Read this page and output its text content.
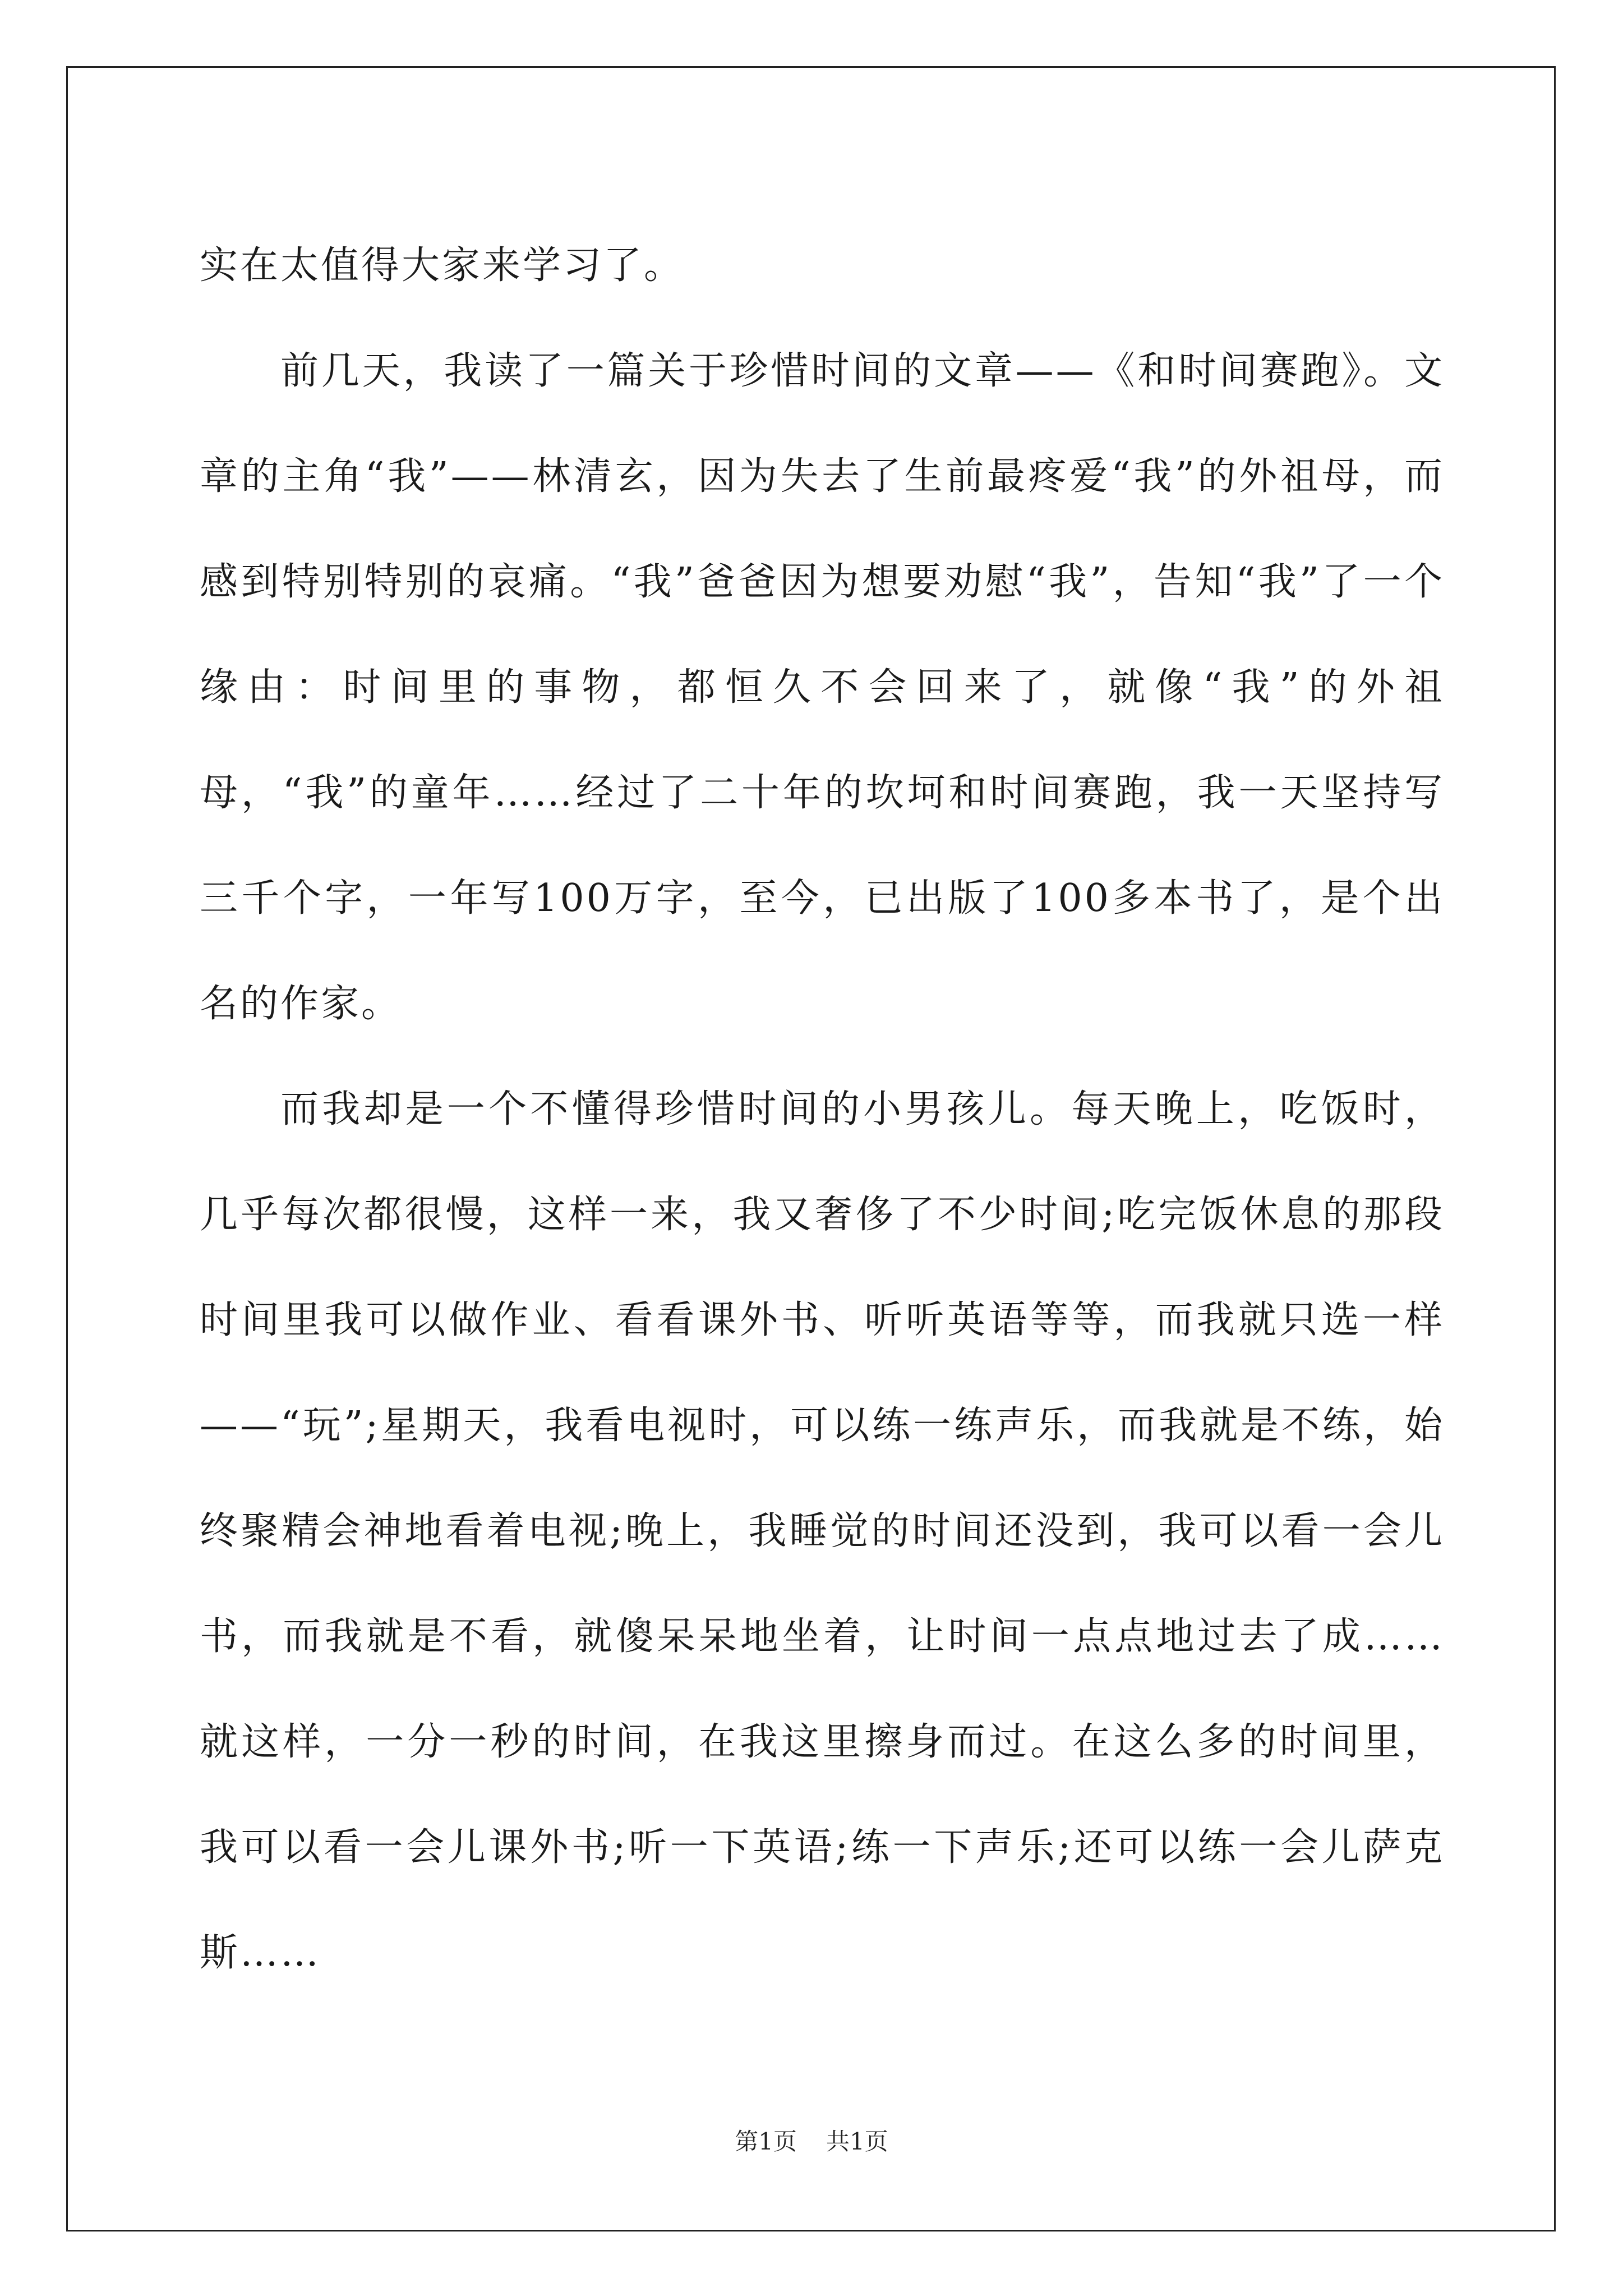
实在太值得大家来学习了。

前几天，我读了一篇关于珍惜时间的文章——《和时间赛跑》。文章的主角“我”——林清玄，因为失去了生前最疼爱“我”的外祖母，而感到特别特别的哀痛。“我”爸爸因为想要劝慰“我”，告知“我”了一个缘由：时间里的事物，都恒久不会回来了，就像“我”的外祖母，“我”的童年……经过了二十年的坎坷和时间赛跑，我一天坚持写三千个字，一年写100万字，至今，已出版了100多本书了，是个出名的作家。

而我却是一个不懂得珍惜时间的小男孩儿。每天晚上，吃饭时，几乎每次都很慢，这样一来，我又奢侈了不少时间;吃完饭休息的那段时间里我可以做作业、看看课外书、听听英语等等，而我就只选一样——“玩”;星期天，我看电视时，可以练一练声乐，而我就是不练，始终聚精会神地看着电视;晚上，我睡觉的时间还没到，我可以看一会儿书，而我就是不看，就傻呆呆地坐着，让时间一点点地过去了成……就这样，一分一秒的时间，在我这里擦身而过。在这么多的时间里，我可以看一会儿课外书;听一下英语;练一下声乐;还可以练一会儿萨克斯……

第1页 共1页
